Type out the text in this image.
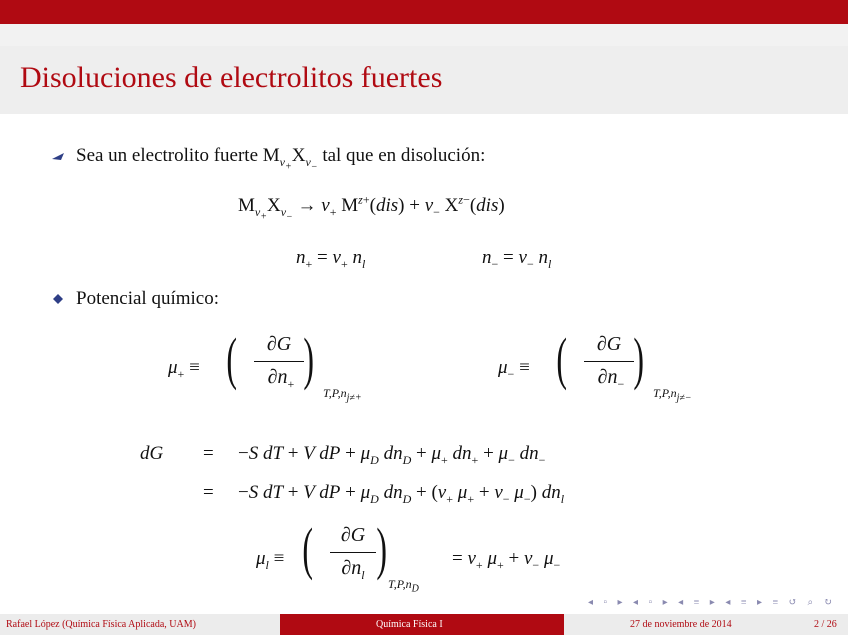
Disoluciones de electrolitos fuertes
Sea un electrolito fuerte $M_{\nu_+}X_{\nu_-}$ tal que en disolución:
$M_{\nu_+}X_{\nu_-} \to \nu_+$ $M^{z+}(dis) + \nu_-$ $X^{z-}(dis)$
$n_+ = \nu_+$ $n_l$	$n_- = \nu_-$ $n_l$
Potencial químico:
$\mu_+$ ≡ (	∂G
$\partial n_+$ )
$T,P,n_{j\ne+}$
$\mu_-$ ≡ (	∂G
$\partial n_-$ )
$T,P,n_{j\ne-}$
dG = −S dT + V dP + $\mu_D$ $dn_D + \mu_+$ $dn_+ + \mu_-$ $dn_-$
= −S dT + V dP + $\mu_D$ $dn_D + (\nu_+$ $\mu_+ + \nu_-$ $\mu_-$) $dn_l$
$\mu_l$ ≡ (	∂G
$\partial n_l$ )
$T,P,n_D$
= $\nu_+$ $\mu_+ + \nu_-$ $\mu_-$
◂ ▫ ▸ ◂ ▫ ▸ ◂ ≡ ▸ ◂ ≡ ▸ ≡ ↺ ⌕ ↻
Rafael López (Química Física Aplicada, UAM)	Química Física I	27 de noviembre de 2014	2 / 26
